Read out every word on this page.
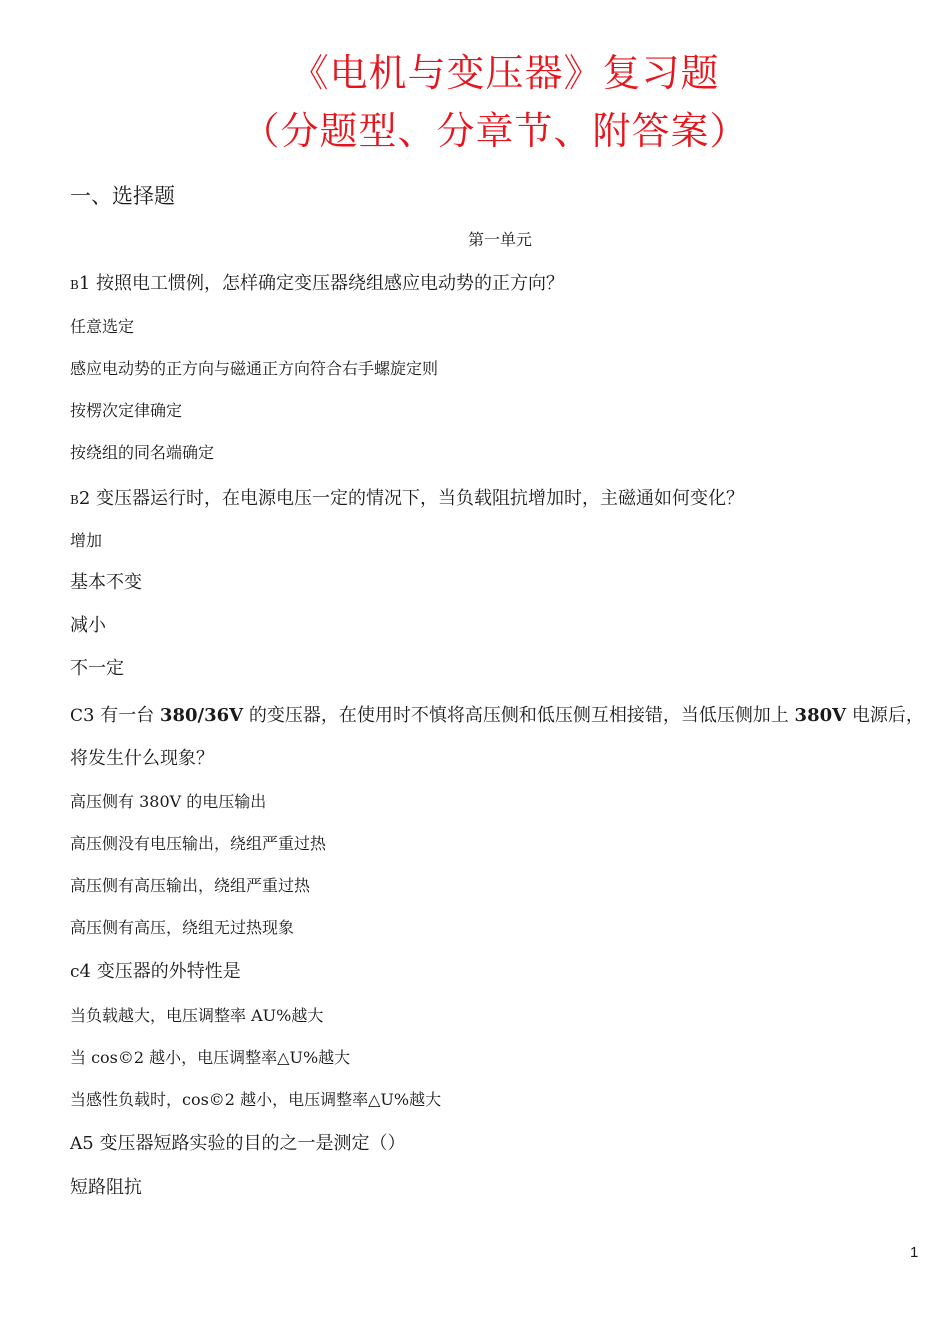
《电机与变压器》复习题
（分题型、分章节、附答案）
一、选择题
第一单元
B1 按照电工惯例，怎样确定变压器绕组感应电动势的正方向？
任意选定
感应电动势的正方向与磁通正方向符合右手螺旋定则
按楞次定律确定
按绕组的同名端确定
B2 变压器运行时，在电源电压一定的情况下，当负载阻抗增加时，主磁通如何变化？
增加
基本不变
减小
不一定
C3 有一台 380/36V 的变压器，在使用时不慎将高压侧和低压侧互相接错，当低压侧加上 380V 电源后，
将发生什么现象？
高压侧有 380V 的电压输出
高压侧没有电压输出，绕组严重过热
高压侧有高压输出，绕组严重过热
高压侧有高压，绕组无过热现象
c4 变压器的外特性是
当负载越大，电压调整率 AU%越大
当 cos©2 越小，电压调整率△U%越大
当感性负载时，cos©2 越小，电压调整率△U%越大
A5 变压器短路实验的目的之一是测定（）
短路阻抗
1
